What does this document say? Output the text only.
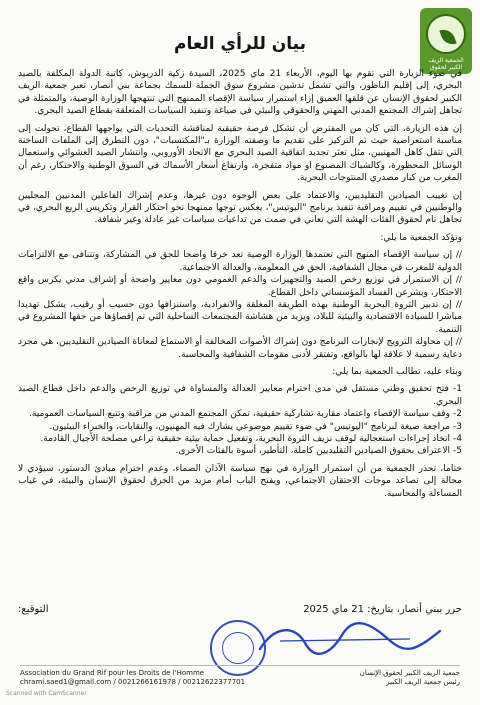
الجمعية الريف الكبير لحقوق
بيان للرأي العام

في ضوء الزيارة التي تقوم بها اليوم، الأربعاء 21 ماي 2025، السيدة زكية الدريوش، كاتبة الدولة المكلفة بالصيد البحري، إلى إقليم الناظور، والتي تشمل تدشين مشروع سوق الجملة للسمك بجماعة بني أنصار، تعبر جمعية الريف الكبير لحقوق الإنسان عن قلقها العميق إزاء استمرار سياسة الإقصاء الممنهج التي تنتهجها الوزارة الوصية، والمتمثلة في تجاهل إشراك المجتمع المدني المهني والحقوقي والبيئي في صياغة وتنفيذ السياسات المتعلقة بقطاع الصيد البحري.

إن هذه الزيارة، التي كان من المفترض أن تشكل فرصة حقيقية لمناقشة التحديات التي يواجهها القطاع، تحولت إلى مناسبة استعراضية حيث تم التركيز على تقديم ما وصفته الوزارة بـ"المكتسبات"، دون التطرق إلى الملفات الساخنة التي تثقل كاهل المهنيين، مثل تعثر تجديد اتفاقية الصيد البحري مع الاتحاد الأوروبي، وانتشار الصيد العشوائي واستعمال الوسائل المحظورة، وكالشباك المصنوع او مواد متفجرة، وارتفاع أسعار الأسماك في السوق الوطنية والاحتكار، رغم أن المغرب من كبار مصدري المنتوجات البحرية.

إن تغييب الصيادين التقليديين، والاعتماد على بعض الوجوه دون غيرها، وعدم إشراك الفاعلين المدنيين المحليين والوطنيين في تقييم ومراقبة تنفيذ برنامج "اليوتيس"، يعكس توجها ممنهجا نحو احتكار القرار وتكريس الريع البحري، في تجاهل تام لحقوق الفئات الهشة التي تعاني في صمت من تداعيات سياسات غير عادلة وغير شفافة.

وتؤكد الجمعية ما يلي:

// إن سياسة الإقصاء المنهج التي تعتمدها الوزارة الوصية تعد خرقا واضحا للحق في المشاركة، وتتنافى مع الالتزامات الدولية للمغرب في مجال الشفافية، الحق في المعلومة، والعدالة الاجتماعية.
// إن الاستمرار في توزيع رخص الصيد والتجهيزات والدعم العمومي دون معايير واضحة أو إشراف مدني يكرس واقع الاحتكار، ويشرعن الفساد المؤسساتي داخل القطاع.
// إن تدبير الثروة البحرية الوطنية بهذه الطريقة المغلقة والانفرادية، واستنزافها دون حسيب أو رقيب، يشكل تهديدا مباشرا للسيادة الاقتصادية والبيئية للبلاد، ويزيد من هشاشة المجتمعات الساحلية التي تم إقصاؤها من حقها المشروع في التنمية.
// إن محاولة الترويج لإنجازات البرنامج دون إشراك الأصوات المخالفة أو الاستماع لمعاناة الصيادين التقليديين، هي مجرد دعاية رسمية لا علاقة لها بالواقع، وتفتقر لأدنى مقومات الشفافية والمحاسبة.

وبناء عليه، تطالب الجمعية بما يلي:

1- فتح تحقيق وطني مستقل في مدى احترام معايير العدالة والمساواة في توزيع الرخص والدعم داخل قطاع الصيد البحري.
2- وقف سياسة الإقصاء واعتماد مقاربة تشاركية حقيقية، تمكن المجتمع المدني من مراقبة وتتبع السياسات العمومية.
3- مراجعة صيغة لبرنامج "اليوتيس" في ضوء تقييم موضوعي يشارك فيه المهنيون، والنقابات، والخبراء البيئيون.
4- اتخاذ إجراءات استعجالية لوقف نزيف الثروة البحرية، وتفعيل حماية بيئية حقيقية تراعي مصلحة الأجيال القادمة.
5- الاعتراف بحقوق الصيادين التقليديين كاملة، التأطير، أسوة بالفئات الأخرى.

ختاما، تحذر الجمعية من أن استمرار الوزارة في نهج سياسة الآذان الصماء، وعدم احترام مبادئ الدستور، سيؤدي لا محالة إلى تصاعد موجات الاحتقان الاجتماعي، ويفتح الباب أمام مزيد من الخرق لحقوق الإنسان والبيئة، في غياب المساءلة والمحاسبة.

حرر ببني أنصار، بتاريخ: 21 ماي 2025
التوقيع:
جمعية الريف الكبير لحقوق الإنسان
رئيس جمعية الريف الكبير
Association du Grand Rif pour les Droits de l'Homme
chrami.saed1@gmail.com / 0021266161978 / 00212622377701
Scanned with CamScanner
